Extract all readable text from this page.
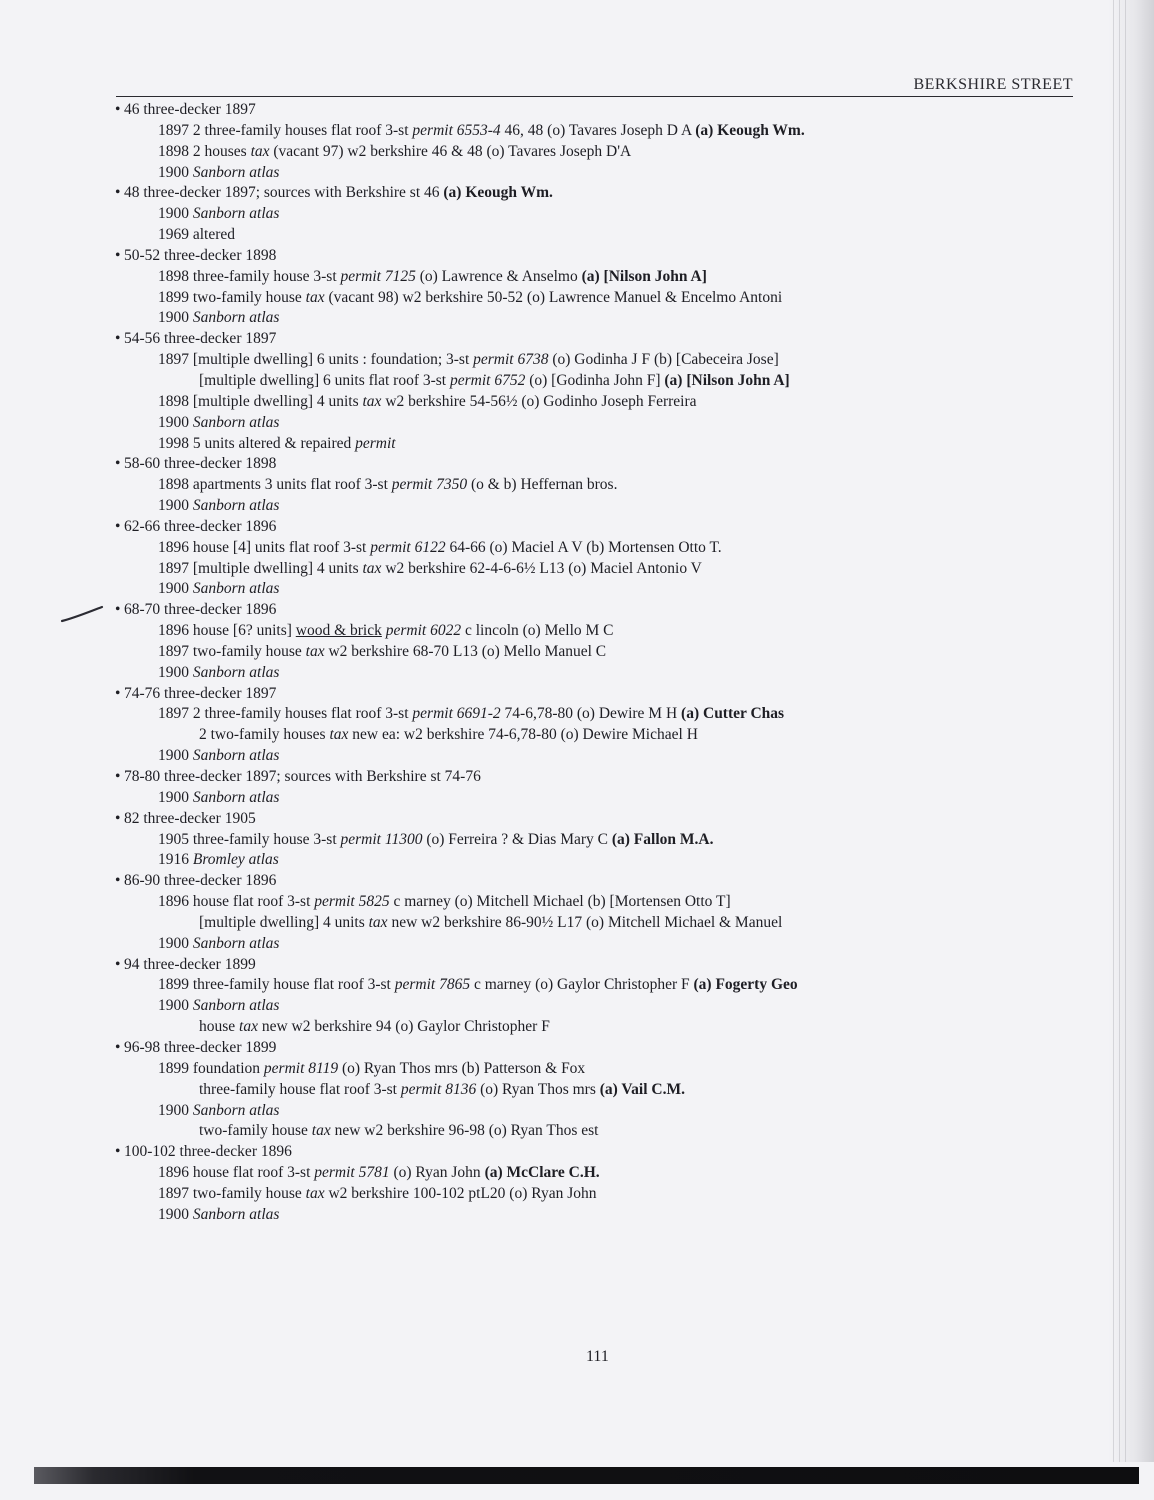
BERKSHIRE STREET
• 46 three-decker 1897
1897 2 three-family houses flat roof 3-st permit 6553-4 46, 48 (o) Tavares Joseph D A (a) Keough Wm.
1898 2 houses tax (vacant 97) w2 berkshire 46 & 48 (o) Tavares Joseph D'A
1900 Sanborn atlas
• 48 three-decker 1897; sources with Berkshire st 46 (a) Keough Wm.
1900 Sanborn atlas
1969 altered
• 50-52 three-decker 1898
1898 three-family house 3-st permit 7125 (o) Lawrence & Anselmo (a) [Nilson John A]
1899 two-family house tax (vacant 98) w2 berkshire 50-52 (o) Lawrence Manuel & Encelmo Antoni
1900 Sanborn atlas
• 54-56 three-decker 1897
1897 [multiple dwelling] 6 units : foundation; 3-st permit 6738 (o) Godinha J F (b) [Cabeceira Jose]
[multiple dwelling] 6 units flat roof 3-st permit 6752 (o) [Godinha John F] (a) [Nilson John A]
1898 [multiple dwelling] 4 units tax w2 berkshire 54-56½ (o) Godinho Joseph Ferreira
1900 Sanborn atlas
1998 5 units altered & repaired permit
• 58-60 three-decker 1898
1898 apartments 3 units flat roof 3-st permit 7350 (o & b) Heffernan bros.
1900 Sanborn atlas
• 62-66 three-decker 1896
1896 house [4] units flat roof 3-st permit 6122 64-66 (o) Maciel A V (b) Mortensen Otto T.
1897 [multiple dwelling] 4 units tax w2 berkshire 62-4-6-6½ L13 (o) Maciel Antonio V
1900 Sanborn atlas
• 68-70 three-decker 1896
1896 house [6? units] wood & brick permit 6022 c lincoln (o) Mello M C
1897 two-family house tax w2 berkshire 68-70 L13 (o) Mello Manuel C
1900 Sanborn atlas
• 74-76 three-decker 1897
1897 2 three-family houses flat roof 3-st permit 6691-2 74-6,78-80 (o) Dewire M H (a) Cutter Chas
2 two-family houses tax new ea: w2 berkshire 74-6,78-80 (o) Dewire Michael H
1900 Sanborn atlas
• 78-80 three-decker 1897; sources with Berkshire st 74-76
1900 Sanborn atlas
• 82 three-decker 1905
1905 three-family house 3-st permit 11300 (o) Ferreira ? & Dias Mary C (a) Fallon M.A.
1916 Bromley atlas
• 86-90 three-decker 1896
1896 house flat roof 3-st permit 5825 c marney (o) Mitchell Michael (b) [Mortensen Otto T]
[multiple dwelling] 4 units tax new w2 berkshire 86-90½ L17 (o) Mitchell Michael & Manuel
1900 Sanborn atlas
• 94 three-decker 1899
1899 three-family house flat roof 3-st permit 7865 c marney (o) Gaylor Christopher F (a) Fogerty Geo
1900 Sanborn atlas
house tax new w2 berkshire 94 (o) Gaylor Christopher F
• 96-98 three-decker 1899
1899 foundation permit 8119 (o) Ryan Thos mrs (b) Patterson & Fox
three-family house flat roof 3-st permit 8136 (o) Ryan Thos mrs (a) Vail C.M.
1900 Sanborn atlas
two-family house tax new w2 berkshire 96-98 (o) Ryan Thos est
• 100-102 three-decker 1896
1896 house flat roof 3-st permit 5781 (o) Ryan John (a) McClare C.H.
1897 two-family house tax w2 berkshire 100-102 ptL20 (o) Ryan John
1900 Sanborn atlas
111
